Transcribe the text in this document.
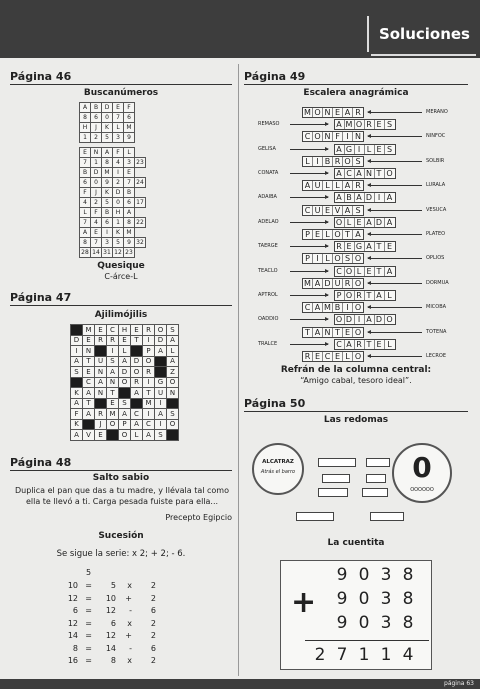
Soluciones
Página 46
Buscanúmeros
A	B	D	E	F
8	6	0	7	6
H	J	K	L	M
1	2	5	3	9
E	N	A	F	L	
7	1	8	4	3	23
B	D	M	I	E	
6	0	9	2	7	24
F	J	K	D	B	
4	2	5	0	6	17
L	F	B	H	A	
7	4	6	1	8	22
A	E	I	K	M	
8	7	3	5	9	32
28	14	31	12	23	
Quesique
C-árce-L
Página 47
Ajilimójilis
	M	E	C	H	E	R	O	S
D	E	R	R	E	T	I	D	A
I	N		I	L		P	A	L
A	T	U	S	A	D	O		A
S	E	N	A	D	O	R		Z
	C	A	N	O	R	I	G	O
K	A	N	T		A	T	U	N
A	T		E	S		M	I	
F	A	R	M	A	C	I	A	S
K		J	O	P	A	C	I	O
A	V	E		O	L	A	S	
Página 48
Salto sabio
Duplica el pan que das a tu madre, y llévala tal como
ella te llevó a ti. Carga pesada fuiste para ella...
Precepto Egipcio
Sucesión
Se sigue la serie: x 2; + 2; - 6.
5
10 =	5	x	2
12 =	10	+	2
6 =	12	-	6
12 =	6	x	2
14 =	12	+	2
8 =	14	-	6
16 =	8	x	2
Página 49
Escalera anagrámica
M O N E A R	MERANO
A M O R E S
REMASO
C O N F I N	NINFOC
A G I L E S
GELISA
L I B R O S	SOLBIR
A C A N T O
CONATA
A U L L A R	LURALA
A B A D I A
ADAIBA
C U E V A S	VESUCA
O L E A D A
ADELAO
P E L O T A	PLATEO
R E G A T E
TAERGE
P I L O S O	OPLIOS
C O L E T A
TEACLO
M A D U R O	DORMUA
P O R T A L
APTROL
C A M B I O	MICOBA
O D I A D O
OADDIO
T A N T E O	TOTENA
C A R T E L
TRALCE
R E C E L O	LECROE
Refrán de la columna central:
“Amigo cabal, tesoro ideal”.
Página 50
Las redomas
ALCATRAZ
Atrás el barro	0
OOOOOO
La cuentita
9 0 3 8
9 0 3 8
9 0 3 8
+
2 7 1 1 4
página 63
